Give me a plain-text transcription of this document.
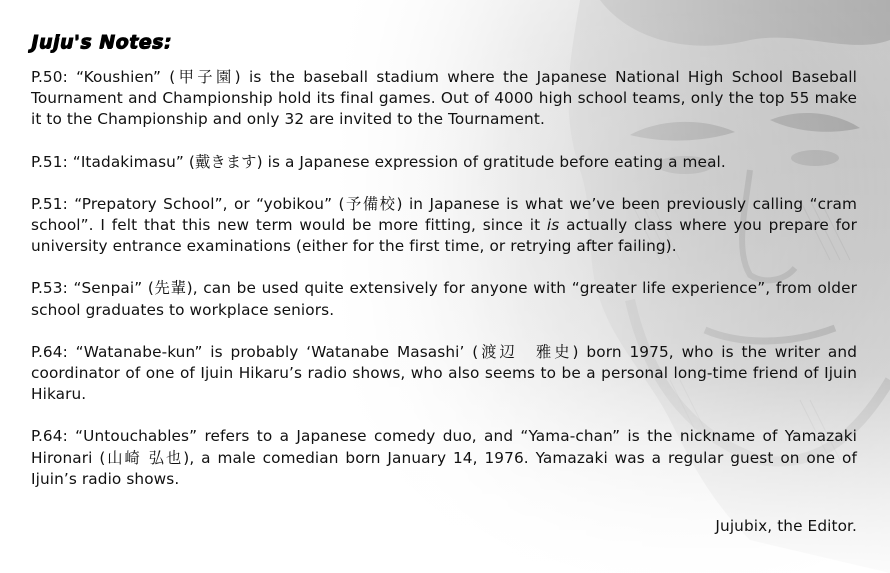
Juju's Notes:

P.50: “Koushien” (甲子園) is the baseball stadium where the Japanese National High School Baseball Tournament and Championship hold its final games. Out of 4000 high school teams, only the top 55 make it to the Championship and only 32 are invited to the Tournament.

P.51: “Itadakimasu” (戴きます) is a Japanese expression of gratitude before eating a meal.

P.51: “Prepatory School”, or “yobikou” (予備校) in Japanese is what we’ve been previously calling “cram school”. I felt that this new term would be more fitting, since it is actually class where you prepare for university entrance examinations (either for the first time, or retrying after failing).

P.53: “Senpai” (先輩), can be used quite extensively for anyone with “greater life experience”, from older school graduates to workplace seniors.

P.64: “Watanabe-kun” is probably ‘Watanabe Masashi’ (渡辺　雅史) born 1975, who is the writer and coordinator of one of Ijuin Hikaru’s radio shows, who also seems to be a personal long-time friend of Ijuin Hikaru.

P.64: “Untouchables” refers to a Japanese comedy duo, and “Yama-chan” is the nickname of Yamazaki Hironari (山崎 弘也), a male comedian born January 14, 1976. Yamazaki was a regular guest on one of Ijuin’s radio shows.

Jujubix, the Editor.
